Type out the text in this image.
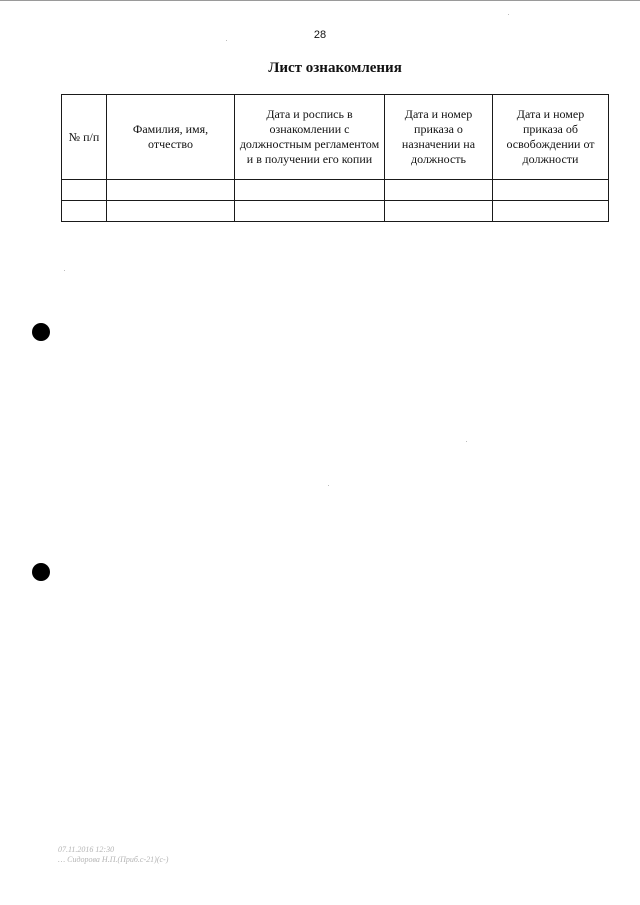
28
Лист ознакомления
№ п/п	Фамилия, имя, отчество	Дата и роспись в ознакомлении с должностным регламентом и в получении его копии	Дата и номер приказа о назначении на должность	Дата и номер приказа об освобождении от должности

07.11.2016 12:30
… Сидорова Н.П.(Приб.с-21)(с-)
